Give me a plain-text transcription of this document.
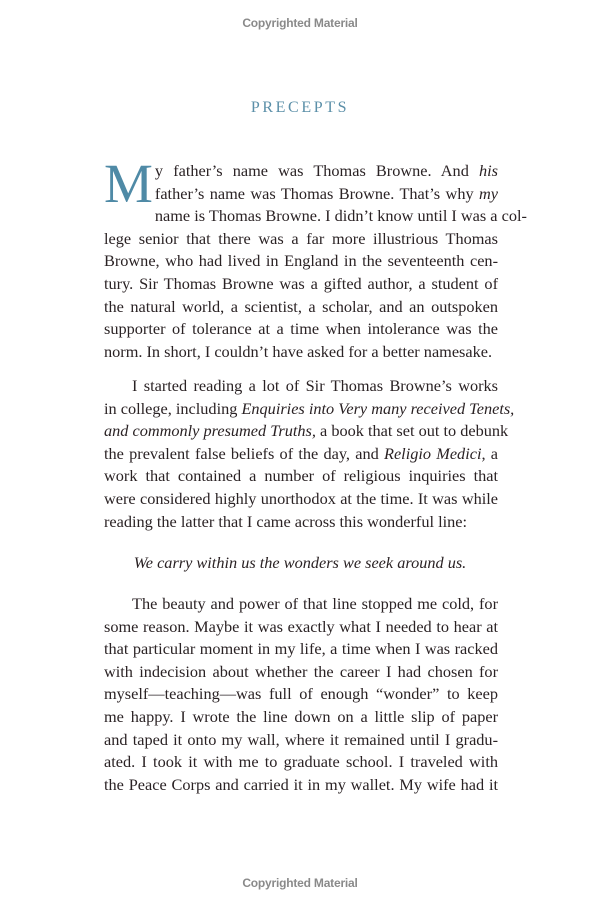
Copyrighted Material
PRECEPTS
M y father’s name was Thomas Browne. And his
father’s name was Thomas Browne. That’s why my
name is Thomas Browne. I didn’t know until I was a col-
lege senior that there was a far more illustrious Thomas
Browne, who had lived in England in the seventeenth cen-
tury. Sir Thomas Browne was a gifted author, a student of
the natural world, a scientist, a scholar, and an outspoken
supporter of tolerance at a time when intolerance was the
norm. In short, I couldn’t have asked for a better namesake.
I started reading a lot of Sir Thomas Browne’s works
in college, including Enquiries into Very many received Tenets,
and commonly presumed Truths, a book that set out to debunk
the prevalent false beliefs of the day, and Religio Medici, a
work that contained a number of religious inquiries that
were considered highly unorthodox at the time. It was while
reading the latter that I came across this wonderful line:
We carry within us the wonders we seek around us.
The beauty and power of that line stopped me cold, for
some reason. Maybe it was exactly what I needed to hear at
that particular moment in my life, a time when I was racked
with indecision about whether the career I had chosen for
myself—teaching—was full of enough “wonder” to keep
me happy. I wrote the line down on a little slip of paper
and taped it onto my wall, where it remained until I gradu-
ated. I took it with me to graduate school. I traveled with
the Peace Corps and carried it in my wallet. My wife had it
Copyrighted Material
